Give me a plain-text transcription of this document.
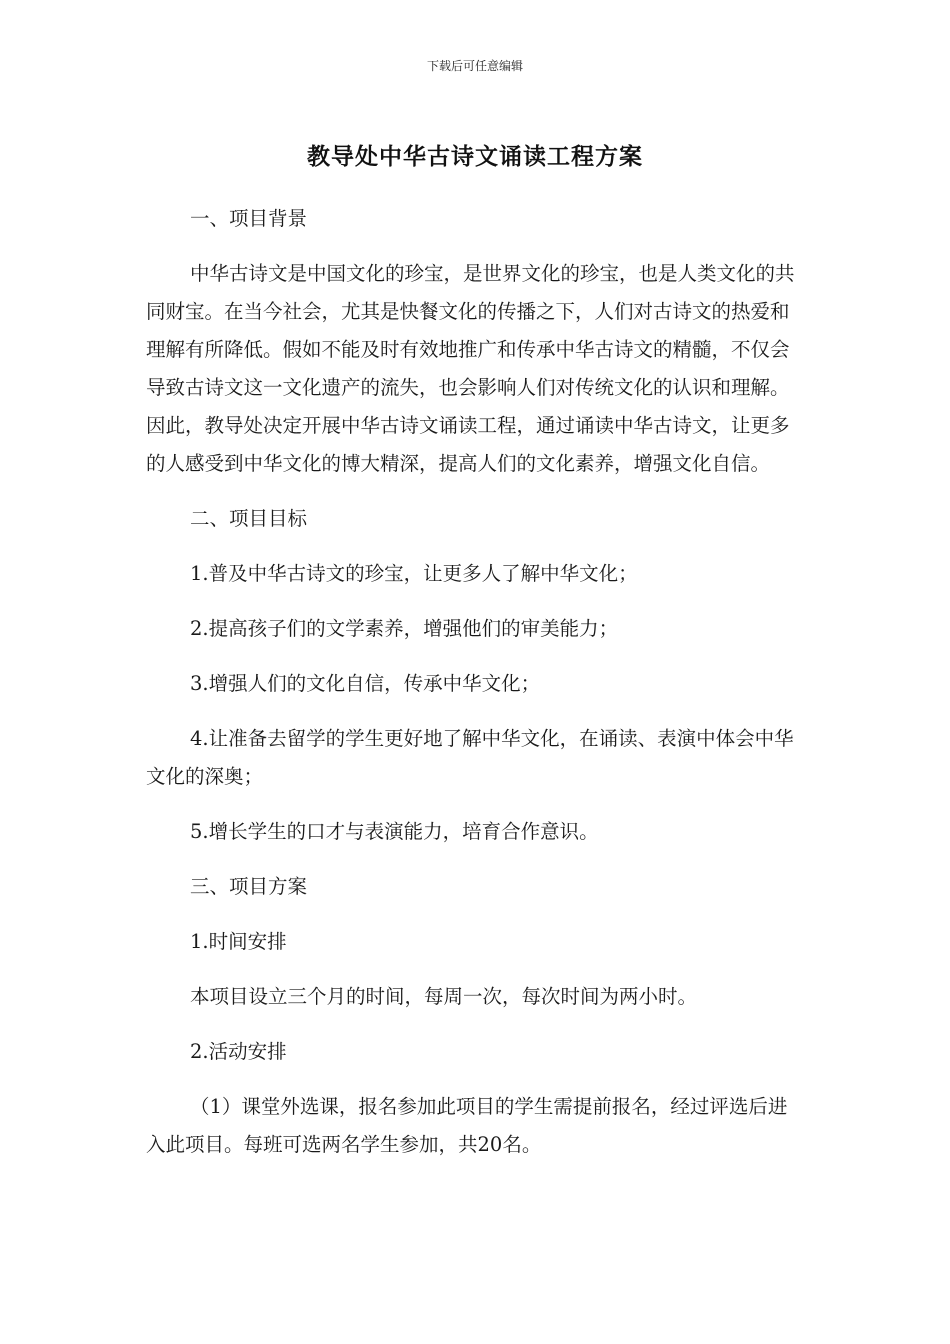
下载后可任意编辑
教导处中华古诗文诵读工程方案

一、项目背景

中华古诗文是中国文化的珍宝，是世界文化的珍宝，也是人类文化的共同财宝。在当今社会，尤其是快餐文化的传播之下，人们对古诗文的热爱和理解有所降低。假如不能及时有效地推广和传承中华古诗文的精髓，不仅会导致古诗文这一文化遗产的流失，也会影响人们对传统文化的认识和理解。因此，教导处决定开展中华古诗文诵读工程，通过诵读中华古诗文，让更多的人感受到中华文化的博大精深，提高人们的文化素养，增强文化自信。

二、项目目标

1.普及中华古诗文的珍宝，让更多人了解中华文化；

2.提高孩子们的文学素养，增强他们的审美能力；

3.增强人们的文化自信，传承中华文化；

4.让准备去留学的学生更好地了解中华文化，在诵读、表演中体会中华文化的深奥；

5.增长学生的口才与表演能力，培育合作意识。

三、项目方案

1.时间安排

本项目设立三个月的时间，每周一次，每次时间为两小时。

2.活动安排

（1）课堂外选课，报名参加此项目的学生需提前报名，经过评选后进入此项目。每班可选两名学生参加，共20名。
